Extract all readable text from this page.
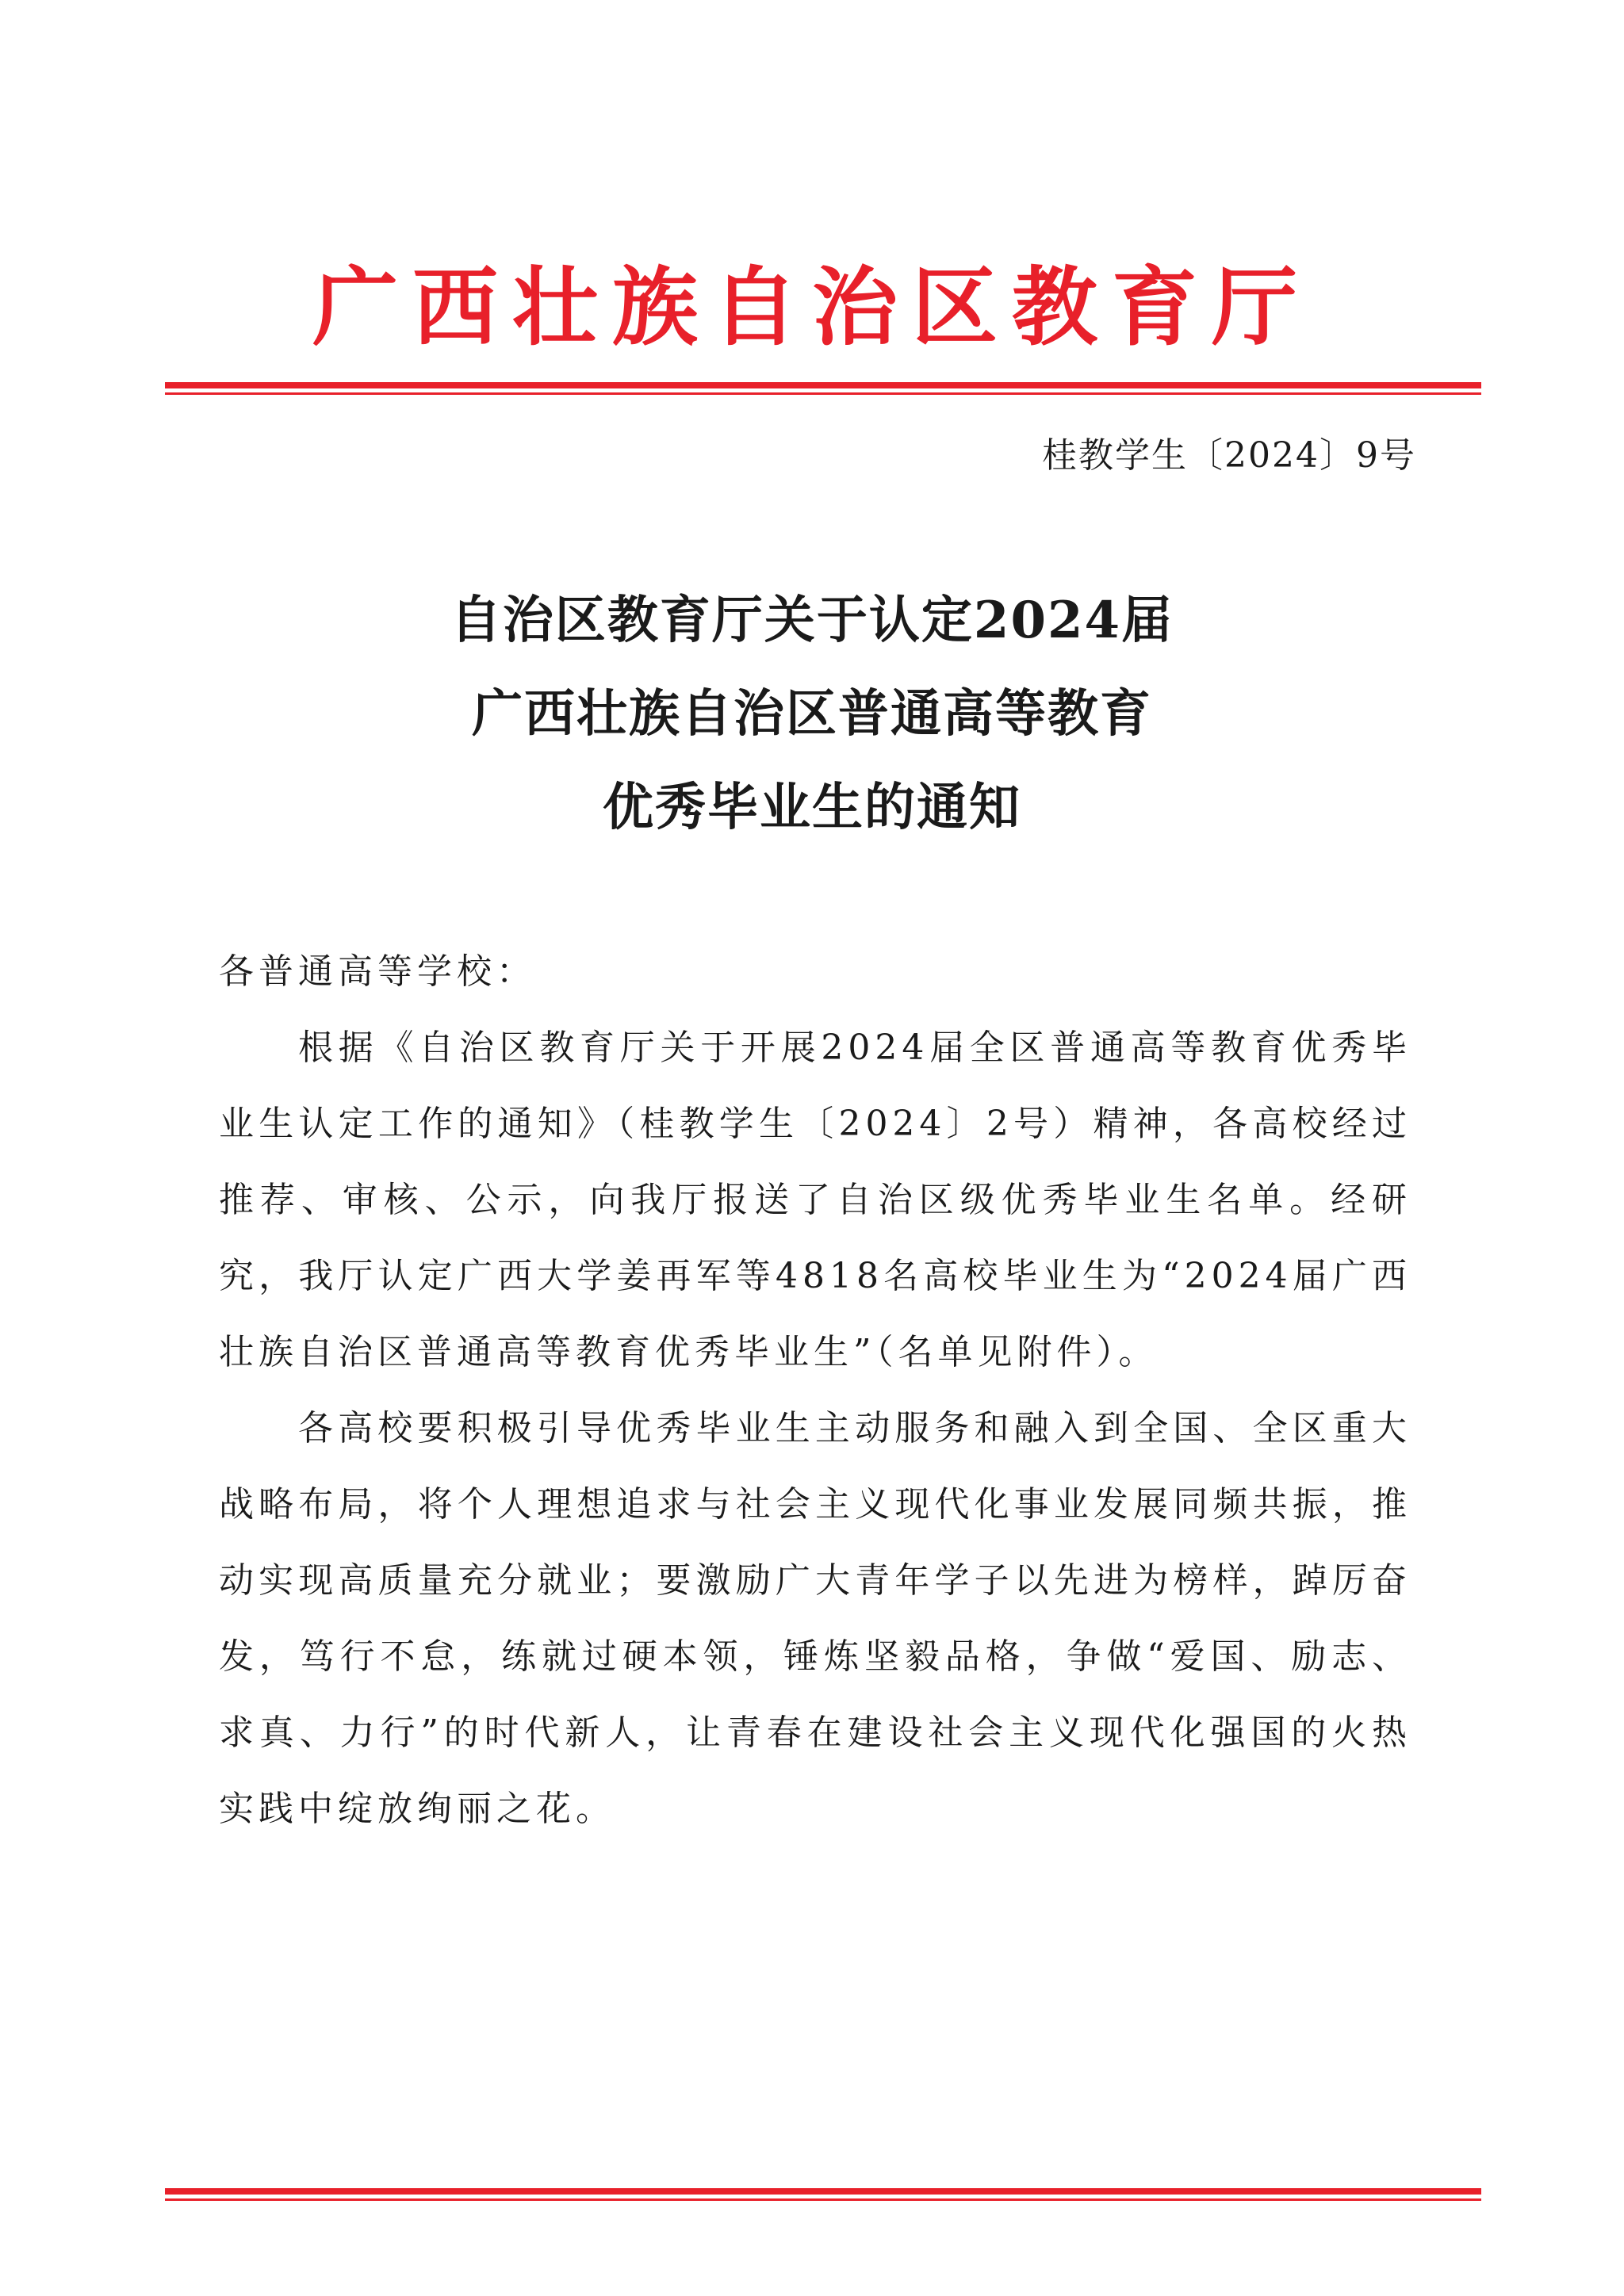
广西壮族自治区教育厅

桂教学生〔2024〕9号

自治区教育厅关于认定2024届
广西壮族自治区普通高等教育
优秀毕业生的通知

各普通高等学校：

根据《自治区教育厅关于开展2024届全区普通高等教育优秀毕业生认定工作的通知》（桂教学生〔2024〕2号）精神，各高校经过推荐、审核、公示，向我厅报送了自治区级优秀毕业生名单。经研究，我厅认定广西大学姜再军等4818名高校毕业生为“2024届广西壮族自治区普通高等教育优秀毕业生”（名单见附件）。

各高校要积极引导优秀毕业生主动服务和融入到全国、全区重大战略布局，将个人理想追求与社会主义现代化事业发展同频共振，推动实现高质量充分就业；要激励广大青年学子以先进为榜样，踔厉奋发，笃行不怠，练就过硬本领，锤炼坚毅品格，争做“爱国、励志、求真、力行”的时代新人，让青春在建设社会主义现代化强国的火热实践中绽放绚丽之花。
